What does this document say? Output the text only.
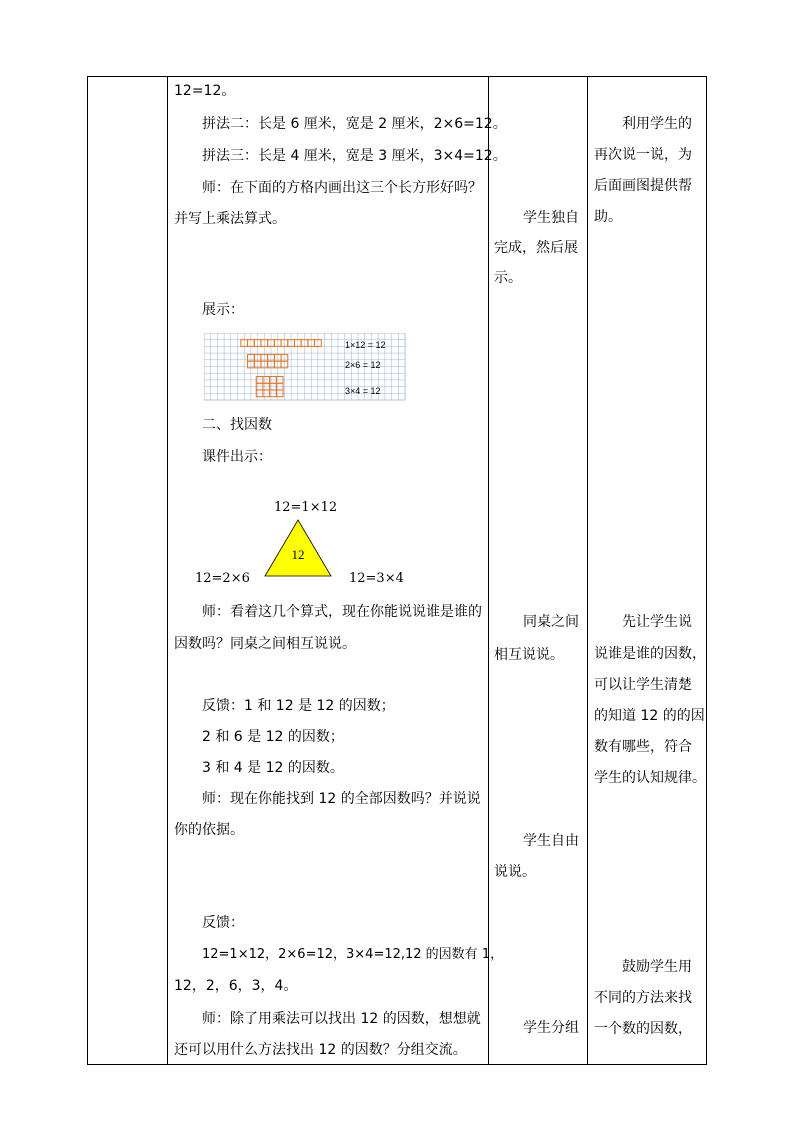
12=12。
拼法二：长是 6 厘米，宽是 2 厘米，2×6=12。
拼法三：长是 4 厘米，宽是 3 厘米，3×4=12。
师：在下面的方格内画出这三个长方形好吗？
并写上乘法算式。
展示：
1×12 = 12
2×6 = 12
3×4 = 12
二、找因数
课件出示：
12=1×12
12
12=2×6	12=3×4
师：看着这几个算式，现在你能说说谁是谁的
因数吗？同桌之间相互说说。
反馈：1 和 12 是 12 的因数；
2 和 6 是 12 的因数；
3 和 4 是 12 的因数。
师：现在你能找到 12 的全部因数吗？并说说
你的依据。
反馈：
12=1×12，2×6=12，3×4=12,12 的因数有 1，
12，2，6，3，4。
师：除了用乘法可以找出 12 的因数，想想就
还可以用什么方法找出 12 的因数？分组交流。
学生独自
完成，然后展
示。
同桌之间
相互说说。
学生自由
说说。
学生分组
利用学生的
再次说一说，为
后面画图提供帮
助。
先让学生说
说谁是谁的因数，
可以让学生清楚
的知道 12 的的因
数有哪些，符合
学生的认知规律。
鼓励学生用
不同的方法来找
一个数的因数，
